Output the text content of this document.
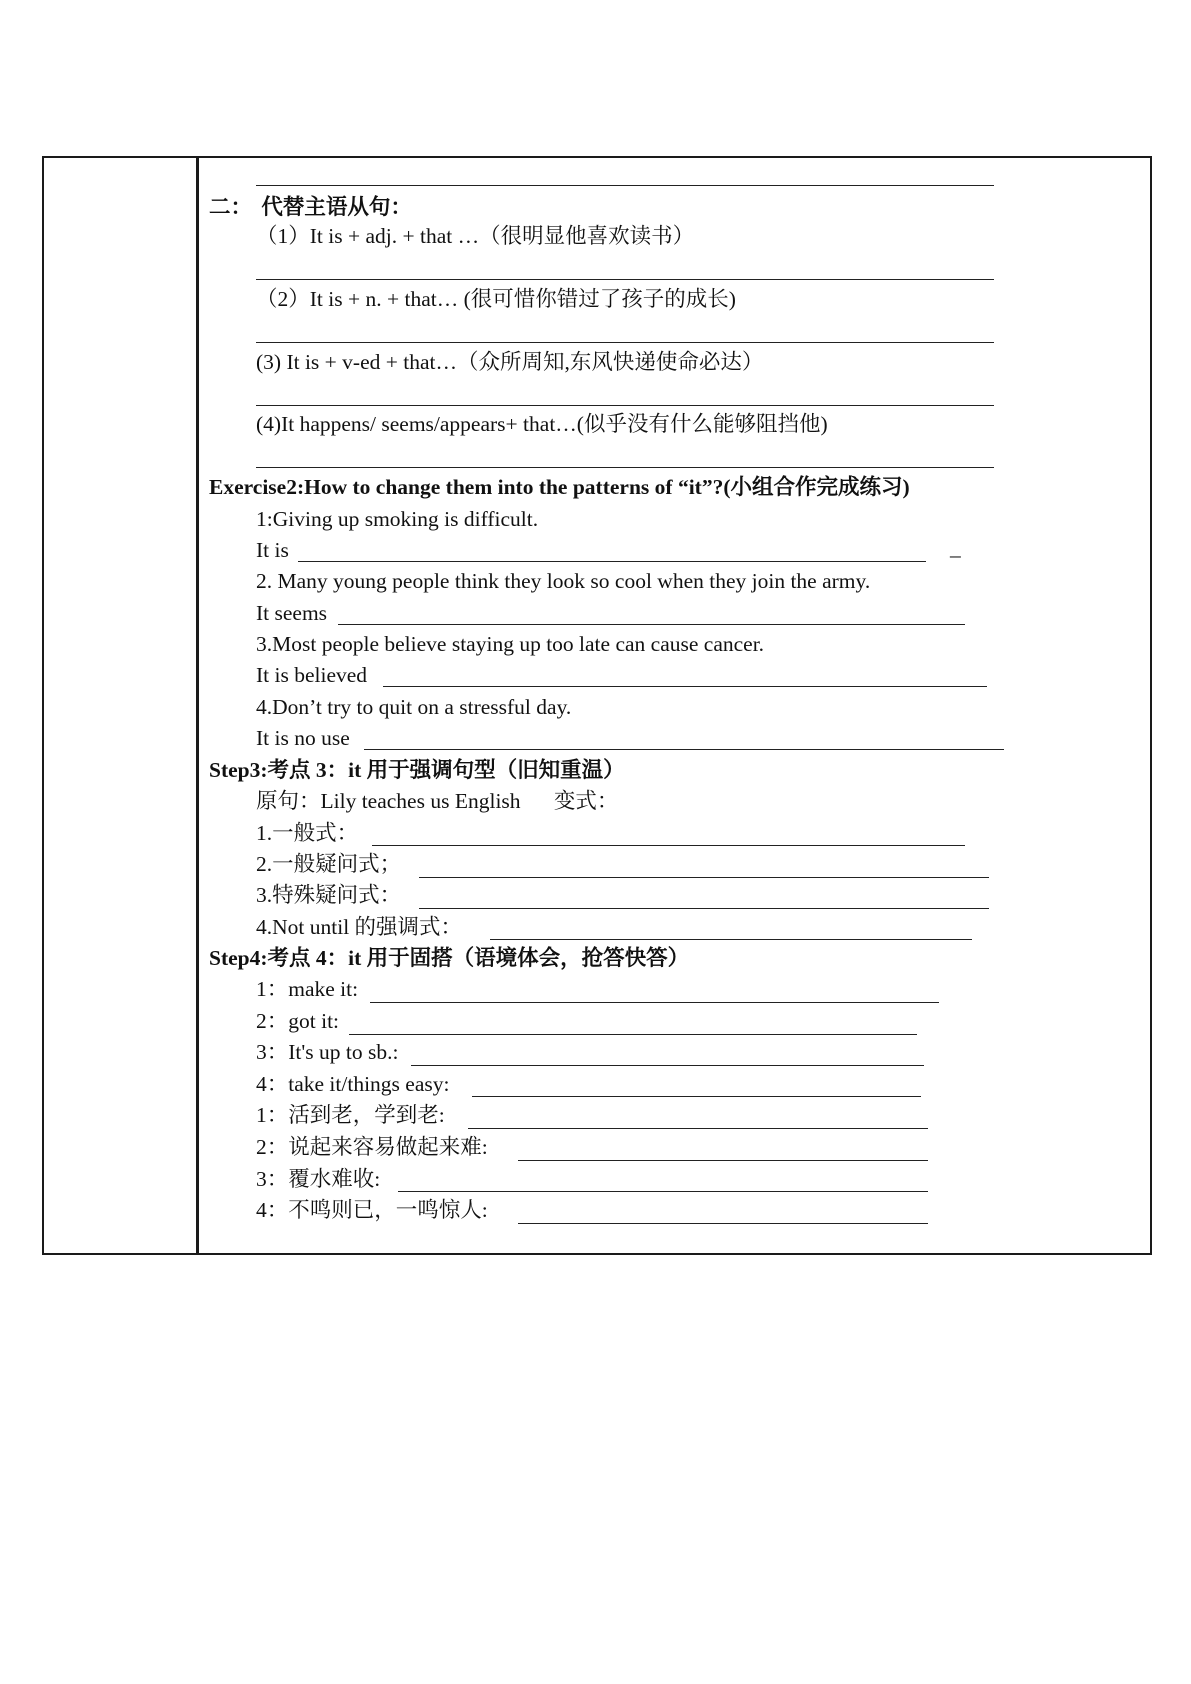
二： 代替主语从句：
（1）It is + adj. + that …（很明显他喜欢读书）
（2）It is + n. + that… (很可惜你错过了孩子的成长)
(3) It is + v-ed + that…（众所周知,东风快递使命必达）
(4)It happens/ seems/appears+ that…(似乎没有什么能够阻挡他)
Exercise2:How to change them into the patterns of “it”?(小组合作完成练习)
1:Giving up smoking is difficult.
It is	_
2. Many young people think they look so cool when they join the army.
It seems
3.Most people believe staying up too late can cause cancer.
It is believed
4.Don’t try to quit on a stressful day.
It is no use
Step3:考点 3：it 用于强调句型（旧知重温）
原句：Lily teaches us English 变式：
1.一般式：
2.一般疑问式；
3.特殊疑问式：
4.Not until 的强调式：
Step4:考点 4：it 用于固搭（语境体会，抢答快答）
1：make it:
2：got it:
3：It's up to sb.:
4：take it/things easy:
1：活到老，学到老:
2：说起来容易做起来难:
3：覆水难收:
4：不鸣则已，一鸣惊人:
